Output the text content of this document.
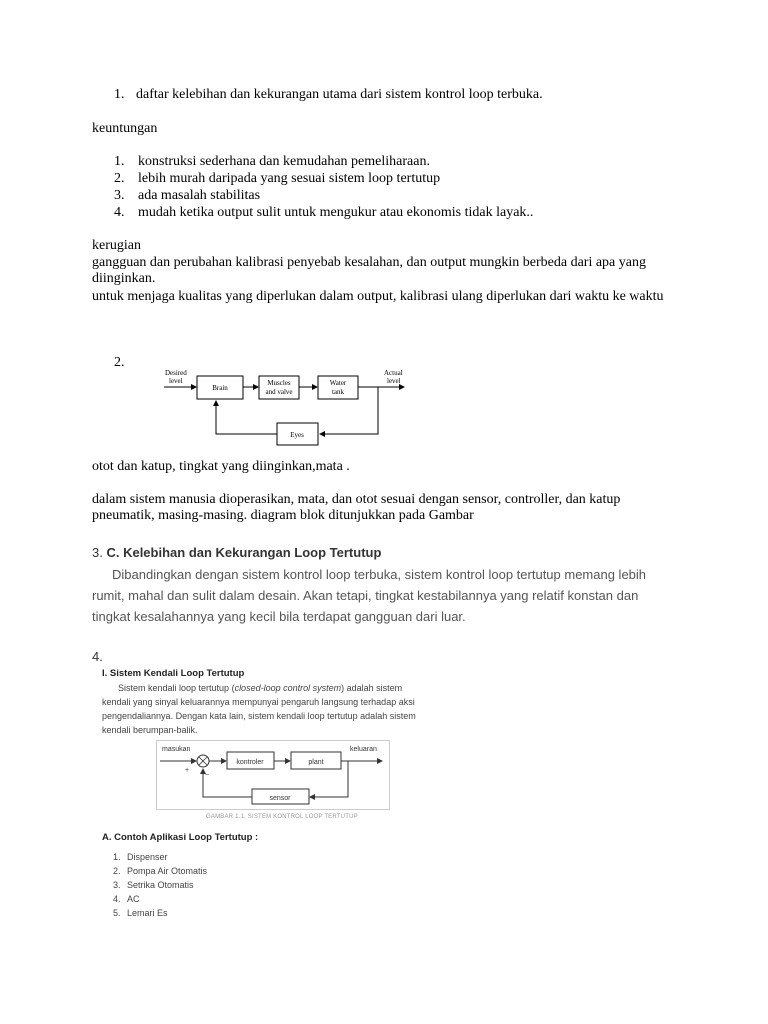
1. daftar kelebihan dan kekurangan utama dari sistem kontrol loop terbuka.
keuntungan
1. konstruksi sederhana dan kemudahan pemeliharaan.
2. lebih murah daripada yang sesuai sistem loop tertutup
3. ada masalah stabilitas
4. mudah ketika output sulit untuk mengukur atau ekonomis tidak layak..
kerugian
gangguan dan perubahan kalibrasi penyebab kesalahan, dan output mungkin berbeda dari apa yang diinginkan.
untuk menjaga kualitas yang diperlukan dalam output, kalibrasi ulang diperlukan dari waktu ke waktu
2.
Desired
level
Brain
Muscles
and valve
Water
tank
Actual
level
Eyes
otot dan katup, tingkat yang diinginkan,mata .
dalam sistem manusia dioperasikan, mata, dan otot sesuai dengan sensor, controller, dan katup pneumatik, masing-masing. diagram blok ditunjukkan pada Gambar
3. C. Kelebihan dan Kekurangan Loop Tertutup
Dibandingkan dengan sistem kontrol loop terbuka, sistem kontrol loop tertutup memang lebih
rumit, mahal dan sulit dalam desain. Akan tetapi, tingkat kestabilannya yang relatif konstan dan
tingkat kesalahannya yang kecil bila terdapat gangguan dari luar.
4.
I. Sistem Kendali Loop Tertutup
Sistem kendali loop tertutup (closed-loop control system) adalah sistem
kendali yang sinyal keluarannya mempunyai pengaruh langsung terhadap aksi
pengendaliannya. Dengan kata lain, sistem kendali loop tertutup adalah sistem
kendali berumpan-balik.
masukan
+
−
kontroler	plant
keluaran
sensor
GAMBAR 1.1. SISTEM KONTROL LOOP TERTUTUP
A. Contoh Aplikasi Loop Tertutup :
1. Dispenser
2. Pompa Air Otomatis
3. Setrika Otomatis
4. AC
5. Lemari Es
